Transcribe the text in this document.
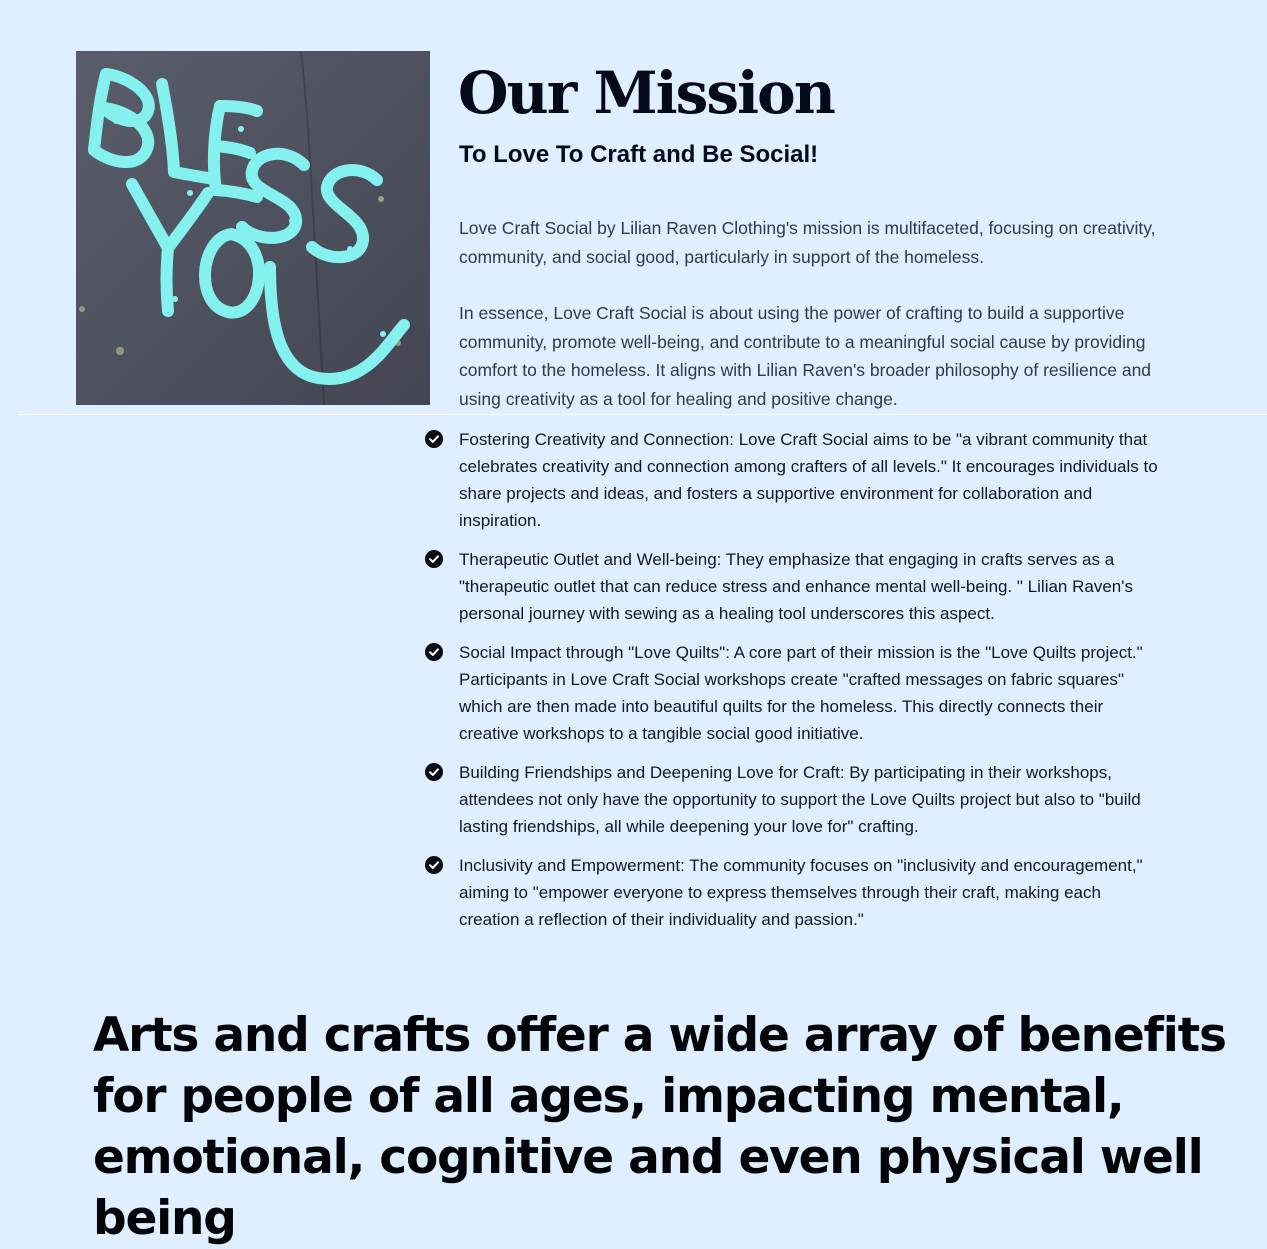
Our Mission
To Love To Craft and Be Social!

Love Craft Social by Lilian Raven Clothing's mission is multifaceted, focusing on creativity, community, and social good, particularly in support of the homeless.

In essence, Love Craft Social is about using the power of crafting to build a supportive community, promote well-being, and contribute to a meaningful social cause by providing comfort to the homeless. It aligns with Lilian Raven's broader philosophy of resilience and using creativity as a tool for healing and positive change.

Fostering Creativity and Connection: Love Craft Social aims to be "a vibrant community that celebrates creativity and connection among crafters of all levels." It encourages individuals to share projects and ideas, and fosters a supportive environment for collaboration and inspiration.
Therapeutic Outlet and Well-being: They emphasize that engaging in crafts serves as a "therapeutic outlet that can reduce stress and enhance mental well-being. " Lilian Raven's personal journey with sewing as a healing tool underscores this aspect.
Social Impact through "Love Quilts": A core part of their mission is the "Love Quilts project." Participants in Love Craft Social workshops create "crafted messages on fabric squares" which are then made into beautiful quilts for the homeless. This directly connects their creative workshops to a tangible social good initiative.
Building Friendships and Deepening Love for Craft: By participating in their workshops, attendees not only have the opportunity to support the Love Quilts project but also to "build lasting friendships, all while deepening your love for" crafting.
Inclusivity and Empowerment: The community focuses on "inclusivity and encouragement," aiming to "empower everyone to express themselves through their craft, making each creation a reflection of their individuality and passion."
Arts and crafts offer a wide array of benefits for people of all ages, impacting mental, emotional, cognitive and even physical well being
